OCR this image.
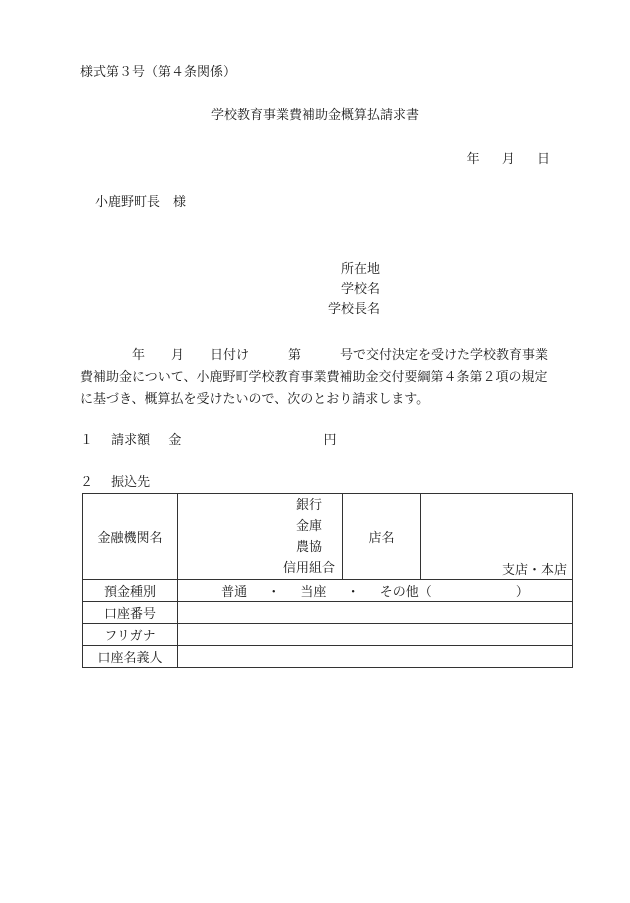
様式第３号（第４条関係）
学校教育事業費補助金概算払請求書
年 月 日
小鹿野町長　様
所在地
学校名
学校長名
年　　月　　日付け　　　第　　　号で交付決定を受けた学校教育事業
費補助金について、小鹿野町学校教育事業費補助金交付要綱第４条第２項の規定
に基づき、概算払を受けたいので、次のとおり請求します。
１ 請求額 金	円
２ 振込先
金融機関名	銀行
金庫
農協
信用組合	店名	支店・本店
預金種別	普通 ・ 当座 ・ その他（ ）		
口座番号			
フリガナ			
口座名義人			
